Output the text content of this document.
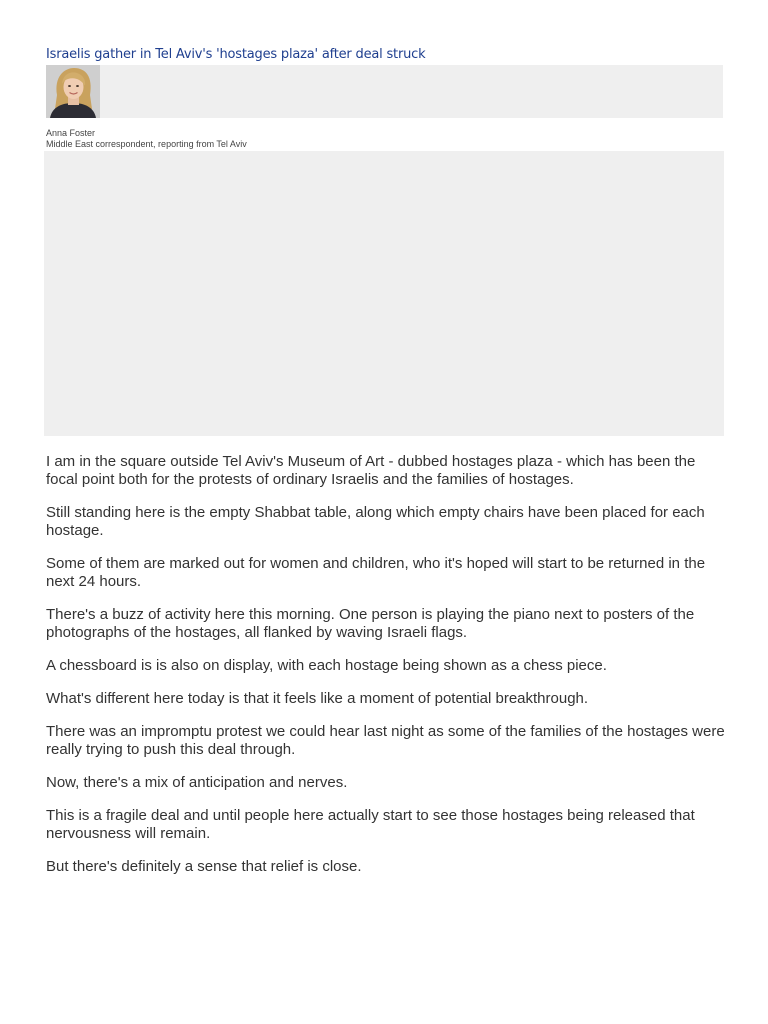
Israelis gather in Tel Aviv's 'hostages plaza' after deal struck
Anna Foster
Middle East correspondent, reporting from Tel Aviv

I am in the square outside Tel Aviv's Museum of Art - dubbed hostages plaza - which has been the focal point both for the protests of ordinary Israelis and the families of hostages.

Still standing here is the empty Shabbat table, along which empty chairs have been placed for each hostage.

Some of them are marked out for women and children, who it's hoped will start to be returned in the next 24 hours.

There's a buzz of activity here this morning. One person is playing the piano next to posters of the photographs of the hostages, all flanked by waving Israeli flags.

A chessboard is is also on display, with each hostage being shown as a chess piece.

What's different here today is that it feels like a moment of potential breakthrough.

There was an impromptu protest we could hear last night as some of the families of the hostages were really trying to push this deal through.

Now, there's a mix of anticipation and nerves.

This is a fragile deal and until people here actually start to see those hostages being released that nervousness will remain.

But there's definitely a sense that relief is close.
